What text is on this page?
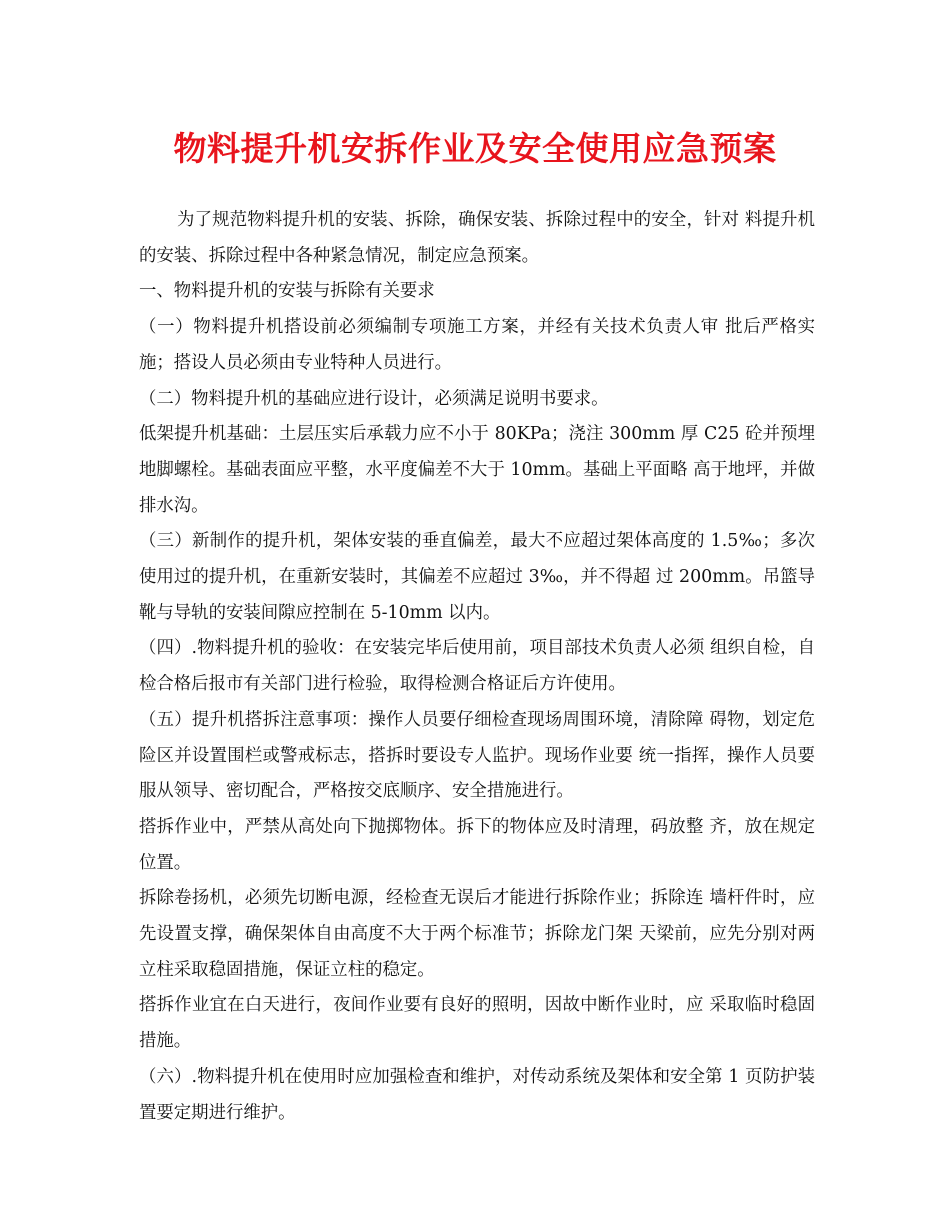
物料提升机安拆作业及安全使用应急预案

为了规范物料提升机的安装、拆除，确保安装、拆除过程中的安全，针对 料提升机的安装、拆除过程中各种紧急情况，制定应急预案。

一、物料提升机的安装与拆除有关要求

（一）物料提升机搭设前必须编制专项施工方案，并经有关技术负责人审 批后严格实施；搭设人员必须由专业特种人员进行。

（二）物料提升机的基础应进行设计，必须满足说明书要求。

低架提升机基础：土层压实后承载力应不小于 80KPa；浇注 300mm 厚 C25 砼并预埋地脚螺栓。基础表面应平整，水平度偏差不大于 10mm。基础上平面略 高于地坪，并做排水沟。

（三）新制作的提升机，架体安装的垂直偏差，最大不应超过架体高度的 1.5‰；多次使用过的提升机，在重新安装时，其偏差不应超过 3‰，并不得超 过 200mm。吊篮导靴与导轨的安装间隙应控制在 5-10mm 以内。

（四）.物料提升机的验收：在安装完毕后使用前，项目部技术负责人必须 组织自检，自检合格后报市有关部门进行检验，取得检测合格证后方许使用。

（五）提升机搭拆注意事项：操作人员要仔细检查现场周围环境，清除障 碍物，划定危险区并设置围栏或警戒标志，搭拆时要设专人监护。现场作业要 统一指挥，操作人员要服从领导、密切配合，严格按交底顺序、安全措施进行。

搭拆作业中，严禁从高处向下抛掷物体。拆下的物体应及时清理，码放整 齐，放在规定位置。

拆除卷扬机，必须先切断电源，经检查无误后才能进行拆除作业；拆除连 墙杆件时，应先设置支撑，确保架体自由高度不大于两个标准节；拆除龙门架 天梁前，应先分别对两立柱采取稳固措施，保证立柱的稳定。

搭拆作业宜在白天进行，夜间作业要有良好的照明，因故中断作业时，应 采取临时稳固措施。

（六）.物料提升机在使用时应加强检查和维护，对传动系统及架体和安全第 1 页防护装置要定期进行维护。
